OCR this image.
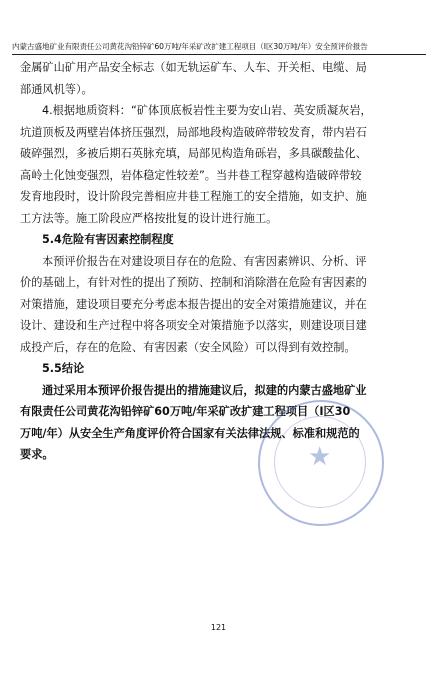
内蒙古盛地矿业有限责任公司黄花沟铅锌矿60万吨/年采矿改扩建工程项目（Ⅰ区30万吨/年）安全预评价报告
金属矿山矿用产品安全标志（如无轨运矿车、人车、开关柜、电缆、局
部通风机等）。
4.根据地质资料：“矿体顶底板岩性主要为安山岩、英安质凝灰岩，
坑道顶板及两壁岩体挤压强烈，局部地段构造破碎带较发育，带内岩石
破碎强烈，多被后期石英脉充填，局部见构造角砾岩，多具碳酸盐化、
高岭土化蚀变强烈，岩体稳定性较差”。当井巷工程穿越构造破碎带较
发育地段时，设计阶段完善相应井巷工程施工的安全措施，如支护、施
工方法等。施工阶段应严格按批复的设计进行施工。
5.4危险有害因素控制程度
本预评价报告在对建设项目存在的危险、有害因素辨识、分析、评
价的基础上，有针对性的提出了预防、控制和消除潜在危险有害因素的
对策措施，建设项目要充分考虑本报告提出的安全对策措施建议，并在
设计、建设和生产过程中将各项安全对策措施予以落实，则建设项目建
成投产后，存在的危险、有害因素（安全风险）可以得到有效控制。
5.5结论
通过采用本预评价报告提出的措施建议后，拟建的内蒙古盛地矿业
有限责任公司黄花沟铅锌矿60万吨/年采矿改扩建工程项目（Ⅰ区30
万吨/年）从安全生产角度评价符合国家有关法律法规、标准和规范的
要求。	★
121
